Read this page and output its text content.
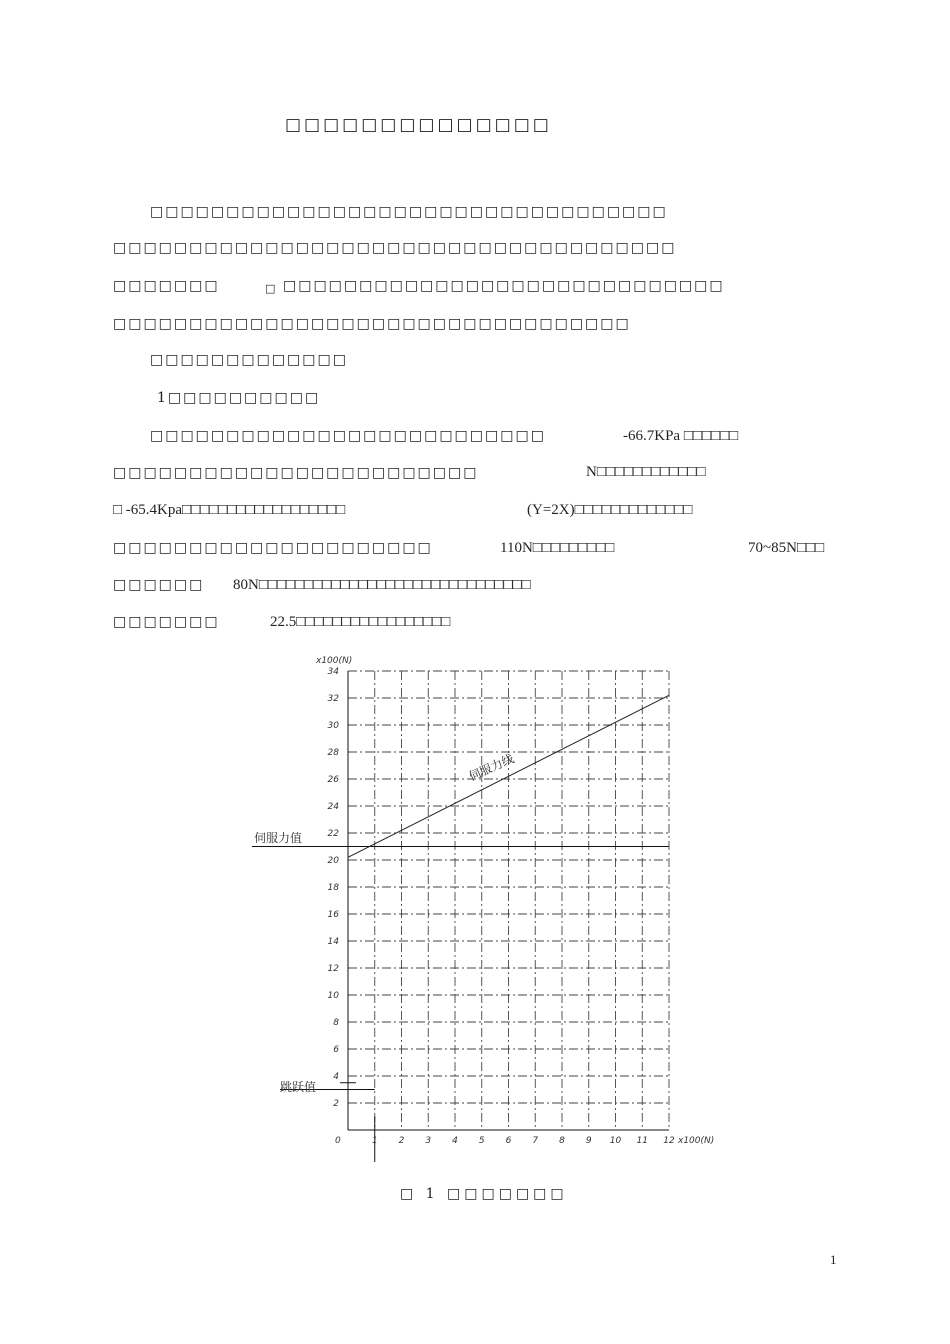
□□□□□□□□□□□□□□
□□□□□□□□□□□□□□□□□□□□□□□□□□□□□□□□□□
□□□□□□□□□□□□□□□□□□□□□□□□□□□□□□□□□□□□□
□□□□□□□	□ □□□□□□□□□□□□□□□□□□□□□□□□□□□□□
□□□□□□□□□□□□□□□□□□□□□□□□□□□□□□□□□□
□□□□□□□□□□□□□
1□□□□□□□□□□
□□□□□□□□□□□□□□□□□□□□□□□□□□	-66.7KPa □□□□□□
□□□□□□□□□□□□□□□□□□□□□□□□	N□□□□□□□□□□□□
□ -65.4Kpa□□□□□□□□□□□□□□□□□□	(Y=2X)□□□□□□□□□□□□□
□□□□□□□□□□□□□□□□□□□□□	110N□□□□□□□□□	70~85N□□□
□□□□□□ 80N□□□□□□□□□□□□□□□□□□□□□□□□□□□□□□
□□□□□□□	22.5□□□□□□□□□□□□□□□□□
2
4
6
8
10
12
14
16
18
20
22
24
26
28
30
32
34
1 2 3 4 5 6 7 8 9 10 11 12
x100(N)
x100(N)
0
伺服力线
伺服力值
跳跃值
□ 1 □□□□□□□
1
